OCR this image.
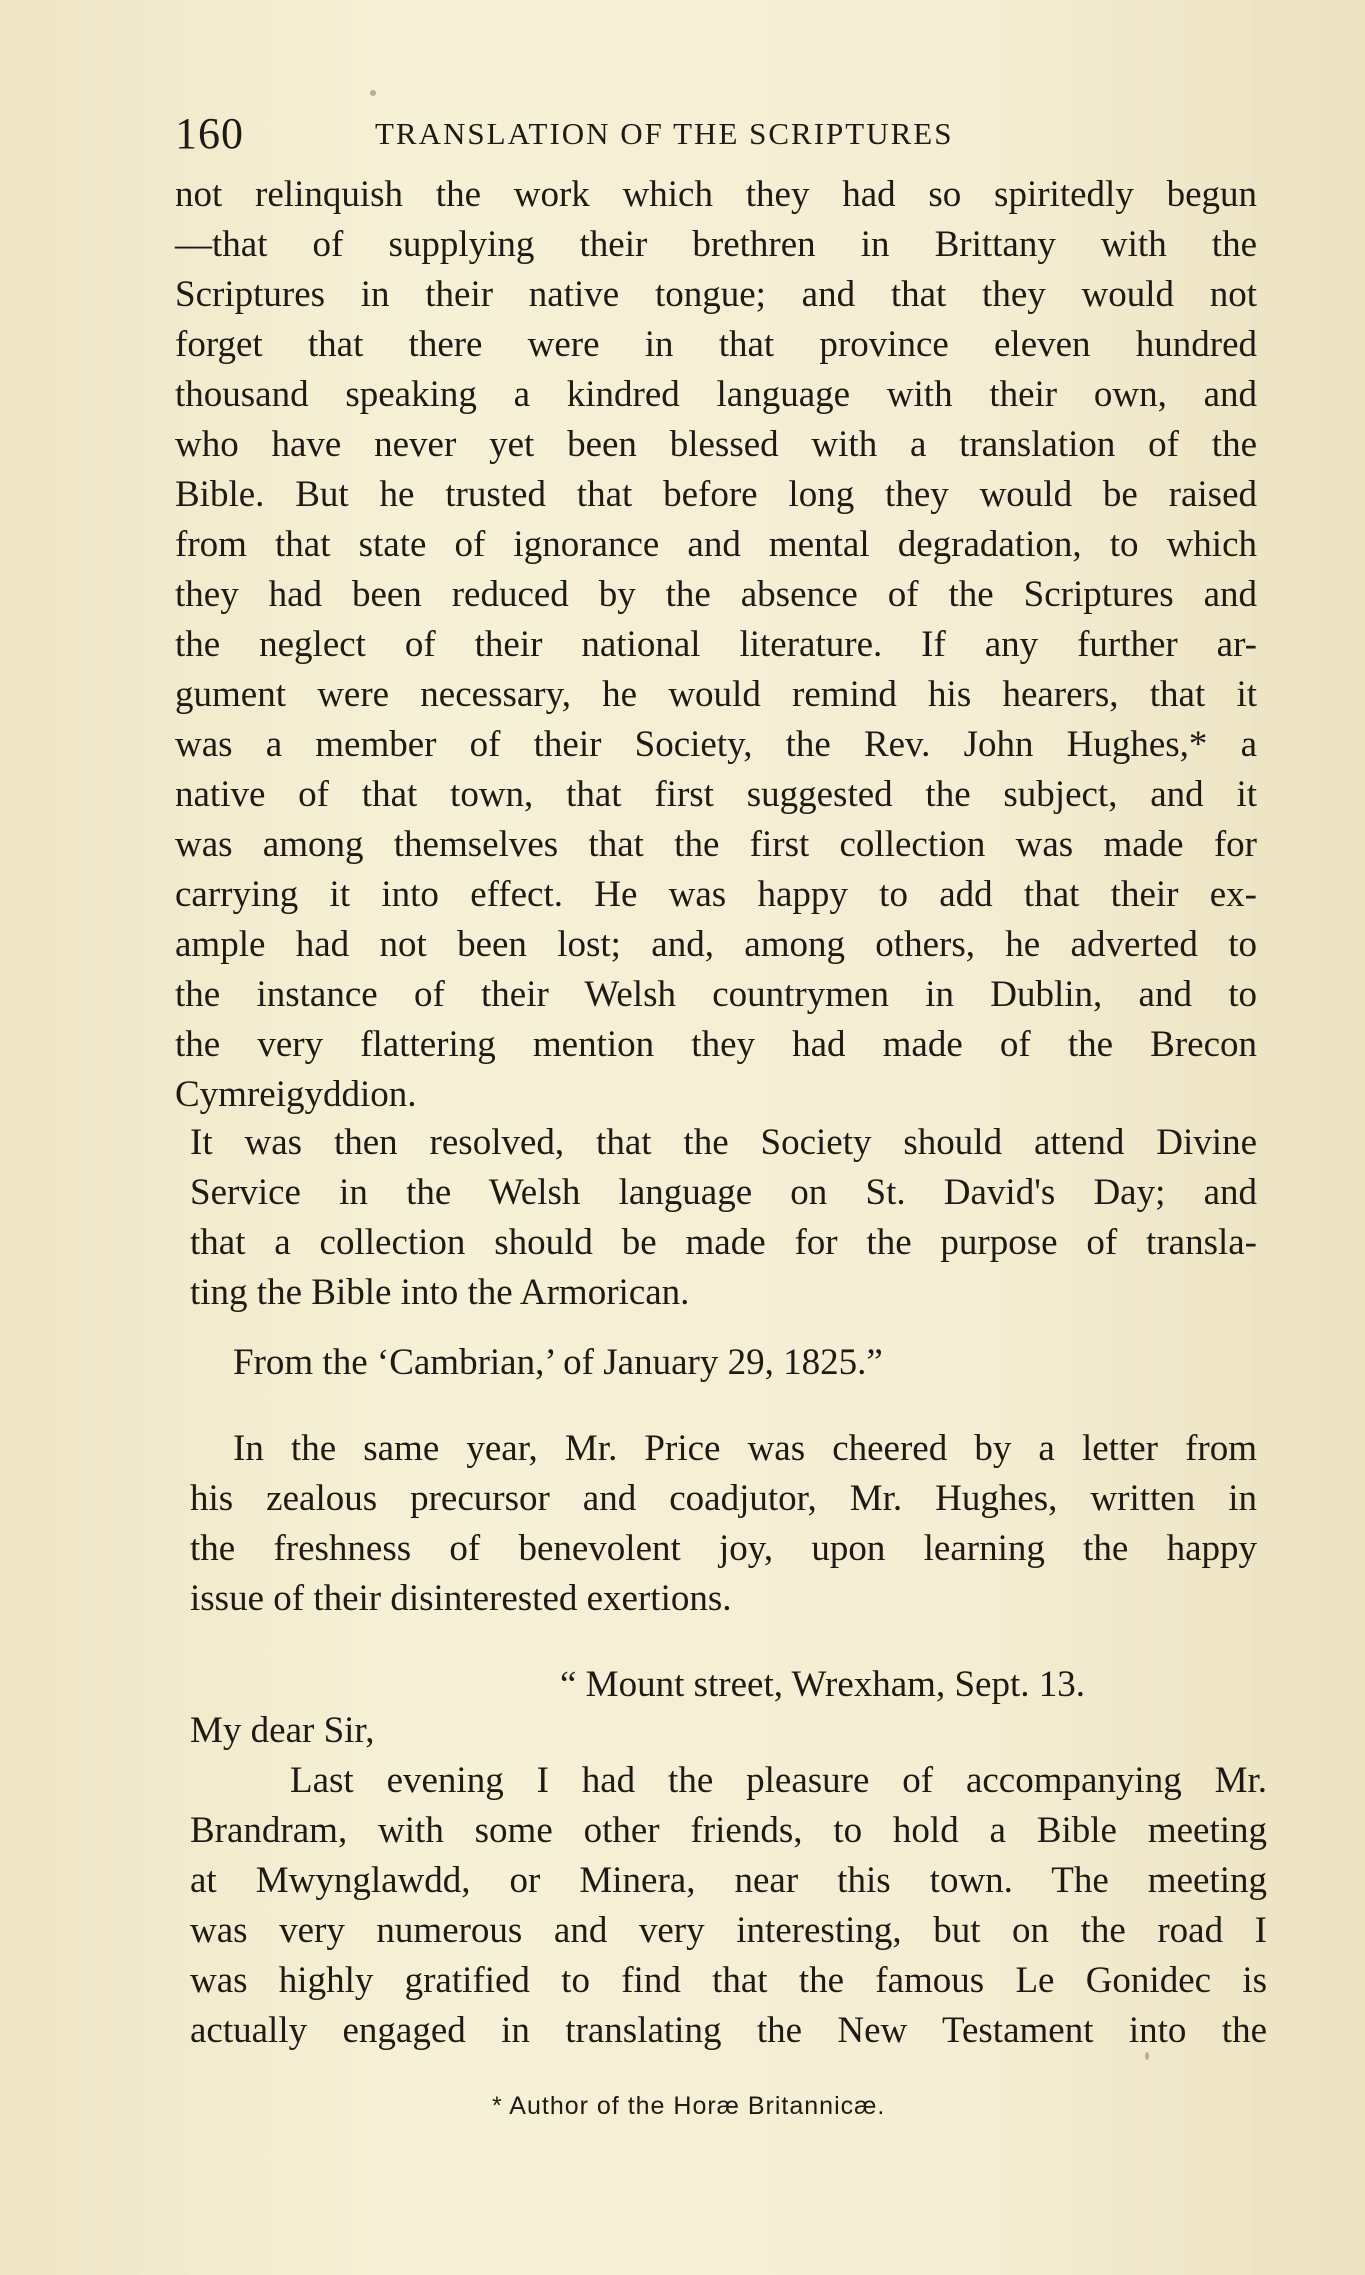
160	TRANSLATION OF THE SCRIPTURES
not relinquish the work which they had so spiritedly begun
—that of supplying their brethren in Brittany with the
Scriptures in their native tongue; and that they would not
forget that there were in that province eleven hundred
thousand speaking a kindred language with their own, and
who have never yet been blessed with a translation of the
Bible. But he trusted that before long they would be raised
from that state of ignorance and mental degradation, to which
they had been reduced by the absence of the Scriptures and
the neglect of their national literature. If any further ar-
gument were necessary, he would remind his hearers, that it
was a member of their Society, the Rev. John Hughes,* a
native of that town, that first suggested the subject, and it
was among themselves that the first collection was made for
carrying it into effect. He was happy to add that their ex-
ample had not been lost; and, among others, he adverted to
the instance of their Welsh countrymen in Dublin, and to
the very flattering mention they had made of the Brecon
Cymreigyddion.
It was then resolved, that the Society should attend Divine
Service in the Welsh language on St. David's Day; and
that a collection should be made for the purpose of transla-
ting the Bible into the Armorican.
From the ‘Cambrian,’ of January 29, 1825.”
In the same year, Mr. Price was cheered by a letter from
his zealous precursor and coadjutor, Mr. Hughes, written in
the freshness of benevolent joy, upon learning the happy
issue of their disinterested exertions.
“ Mount street, Wrexham, Sept. 13.
My dear Sir,
Last evening I had the pleasure of accompanying Mr.
Brandram, with some other friends, to hold a Bible meeting
at Mwynglawdd, or Minera, near this town. The meeting
was very numerous and very interesting, but on the road I
was highly gratified to find that the famous Le Gonidec is
actually engaged in translating the New Testament into the
* Author of the Horæ Britannicæ.
